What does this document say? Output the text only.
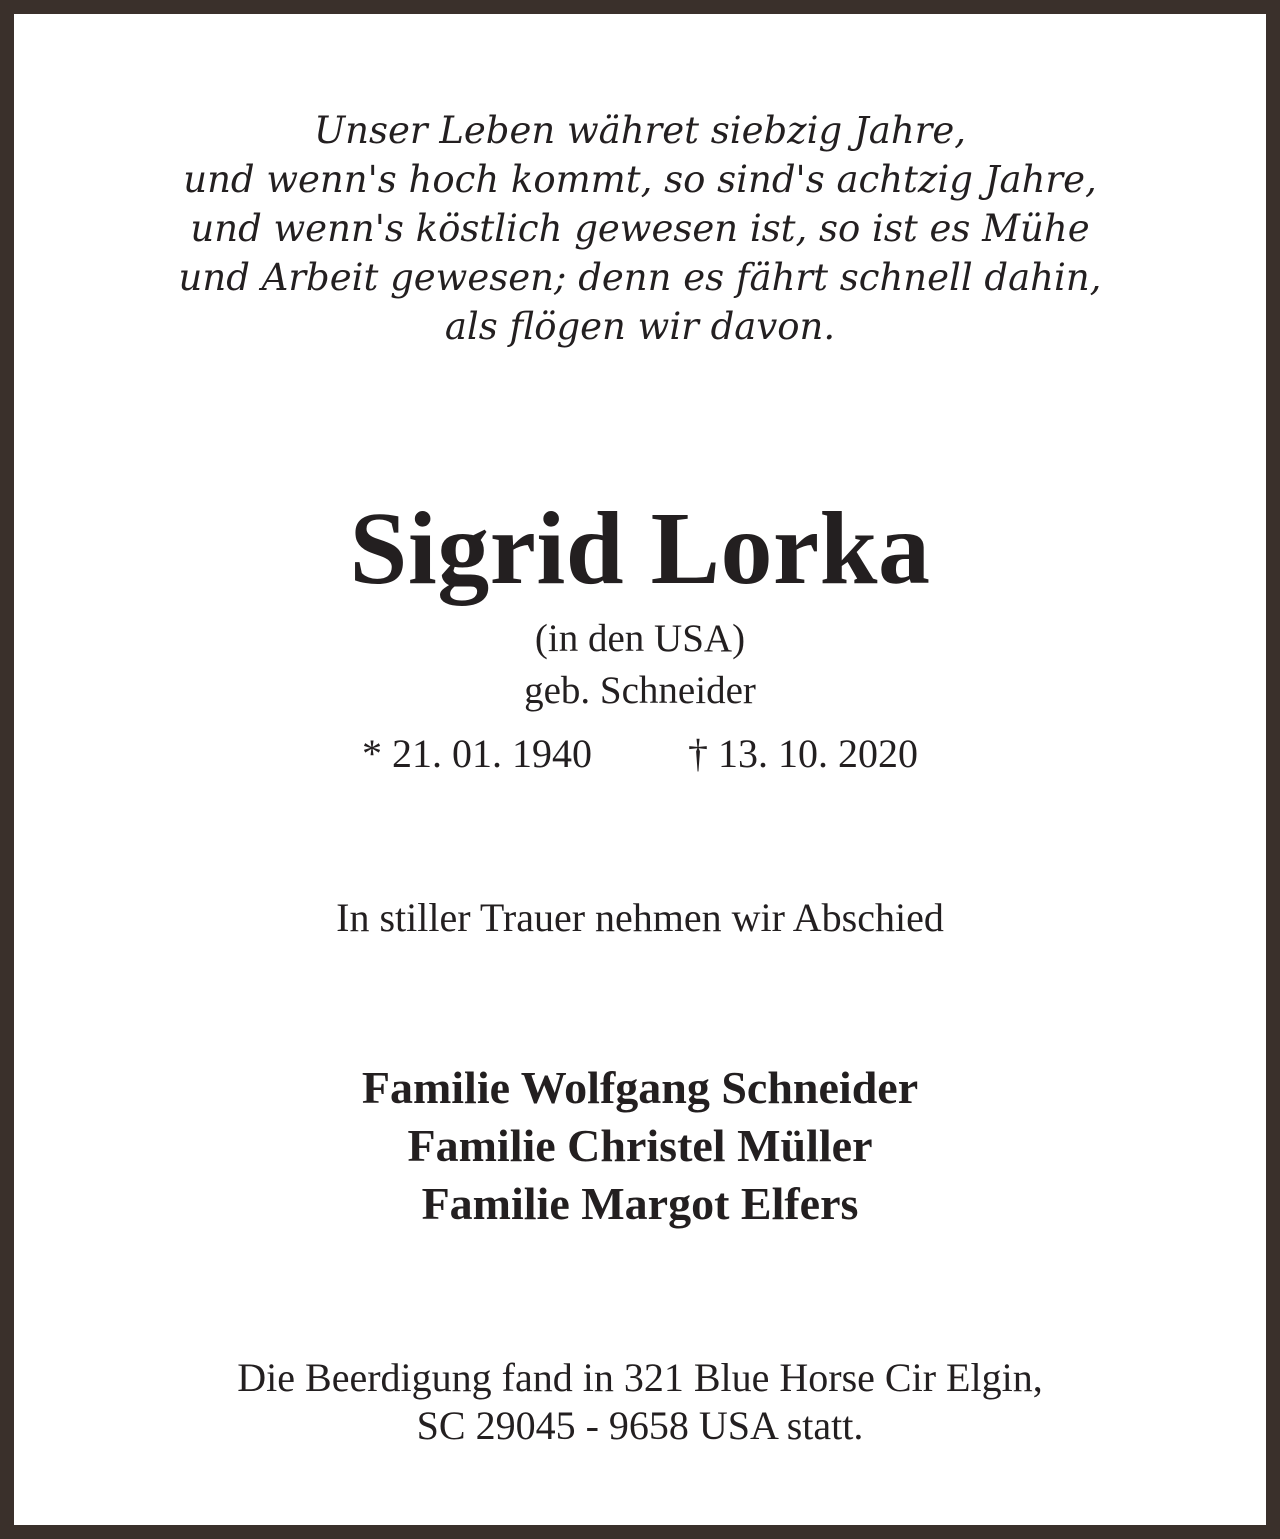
Unser Leben währet siebzig Jahre,
und wenn's hoch kommt, so sind's achtzig Jahre,
und wenn's köstlich gewesen ist, so ist es Mühe
und Arbeit gewesen; denn es fährt schnell dahin,
als flögen wir davon.
Sigrid Lorka
(in den USA)
geb. Schneider
* 21. 01. 1940 † 13. 10. 2020
In stiller Trauer nehmen wir Abschied
Familie Wolfgang Schneider
Familie Christel Müller
Familie Margot Elfers
Die Beerdigung fand in 321 Blue Horse Cir Elgin,
SC 29045 - 9658 USA statt.
